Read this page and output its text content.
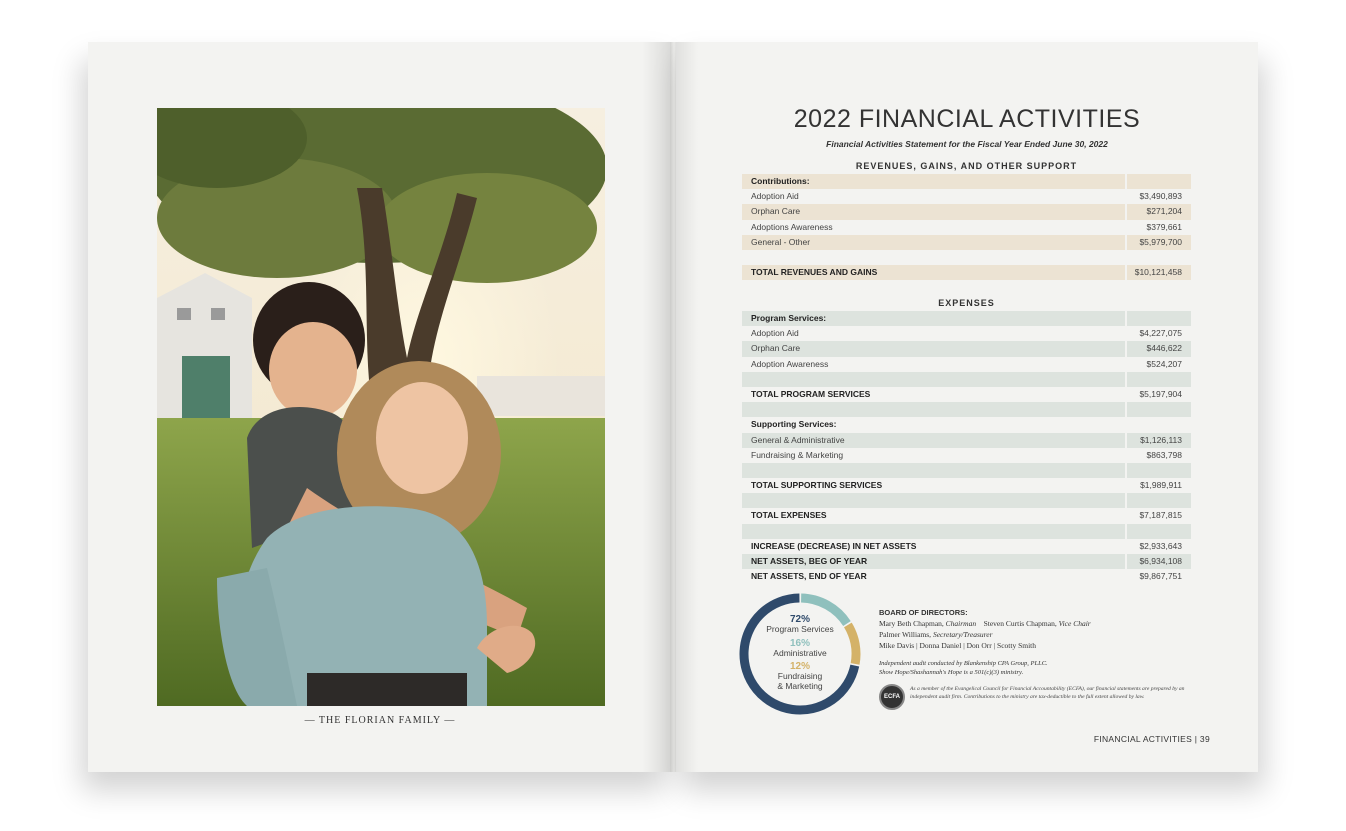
— THE FLORIAN FAMILY —
2022 FINANCIAL ACTIVITIES
Financial Activities Statement for the Fiscal Year Ended June 30, 2022
REVENUES, GAINS, AND OTHER SUPPORT
Contributions:
Adoption Aid	$3,490,893
Orphan Care	$271,204
Adoptions Awareness	$379,661
General - Other	$5,979,700
TOTAL REVENUES AND GAINS	$10,121,458
EXPENSES
Program Services:
Adoption Aid	$4,227,075
Orphan Care	$446,622
Adoption Awareness	$524,207
TOTAL PROGRAM SERVICES	$5,197,904
Supporting Services:
General & Administrative	$1,126,113
Fundraising & Marketing	$863,798
TOTAL SUPPORTING SERVICES	$1,989,911
TOTAL EXPENSES	$7,187,815
INCREASE (DECREASE) IN NET ASSETS	$2,933,643
NET ASSETS, BEG OF YEAR	$6,934,108
NET ASSETS, END OF YEAR	$9,867,751
72%
Program Services
16%
Administrative
12%
Fundraising
& Marketing
BOARD OF DIRECTORS:
Mary Beth Chapman, Chairman Steven Curtis Chapman, Vice Chair
Palmer Williams, Secretary/Treasurer
Mike Davis | Donna Daniel | Don Orr | Scotty Smith
Independent audit conducted by Blankenship CPA Group, PLLC.
Show Hope/Shashannah's Hope is a 501(c)(3) ministry.
ECFA
As a member of the Evangelical Council for Financial Accountability (ECFA), our financial statements are prepared by an independent audit firm. Contributions to the ministry are tax-deductible to the full extent allowed by law.
FINANCIAL ACTIVITIES | 39
